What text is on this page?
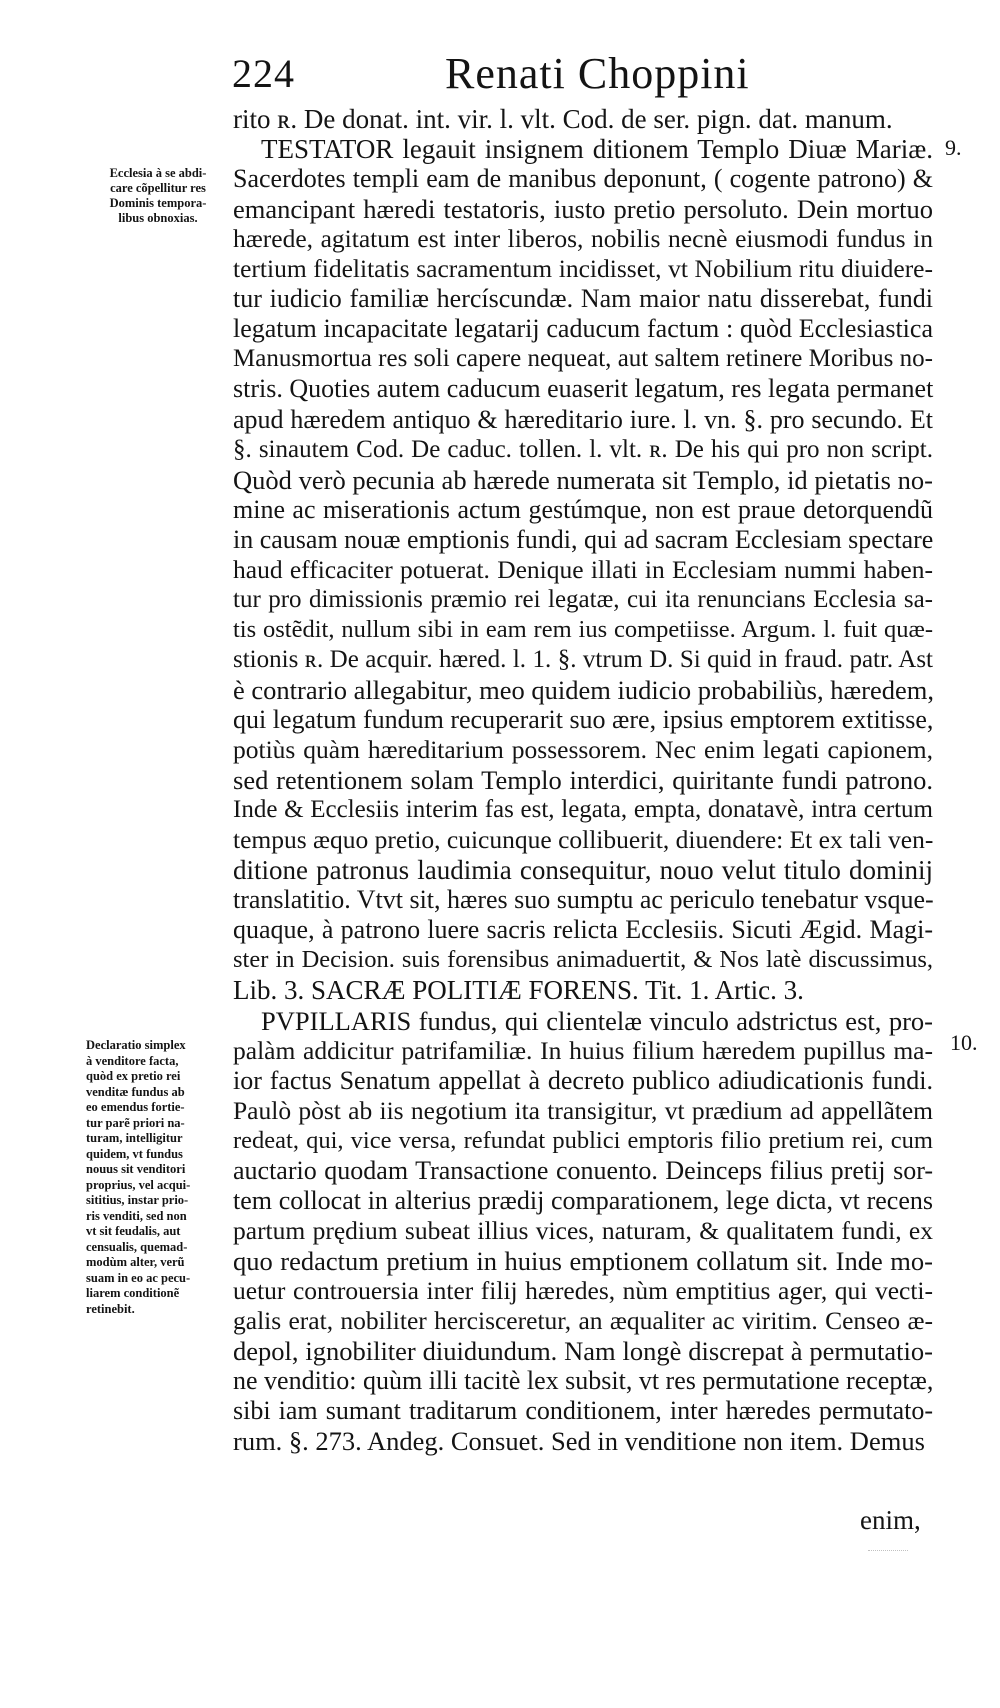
224	Renati Choppini
rito ʀ. De donat. int. vir. l. vlt. Cod. de ser. pign. dat. manum.
TESTATOR legauit insignem ditionem Templo Diuæ Mariæ.
Sacerdotes templi eam de manibus deponunt, ( cogente patrono) &
emancipant hæredi testatoris, iusto pretio persoluto. Dein mortuo
hærede, agitatum est inter liberos, nobilis necnè eiusmodi fundus in
tertium fidelitatis sacramentum incidisset, vt Nobilium ritu diuidere-
tur iudicio familiæ hercíscundæ. Nam maior natu disserebat, fundi
legatum incapacitate legatarij caducum factum : quòd Ecclesiastica
Manusmortua res soli capere nequeat, aut saltem retinere Moribus no-
stris. Quoties autem caducum euaserit legatum, res legata permanet
apud hæredem antiquo & hæreditario iure. l. vn. §. pro secundo. Et
§. sinautem Cod. De caduc. tollen. l. vlt. ʀ. De his qui pro non script.
Quòd verò pecunia ab hærede numerata sit Templo, id pietatis no-
mine ac miserationis actum gestúmque, non est praue detorquendũ
in causam nouæ emptionis fundi, qui ad sacram Ecclesiam spectare
haud efficaciter potuerat. Denique illati in Ecclesiam nummi haben-
tur pro dimissionis præmio rei legatæ, cui ita renuncians Ecclesia sa-
tis ostẽdit, nullum sibi in eam rem ius competiisse. Argum. l. fuit quæ-
stionis ʀ. De acquir. hæred. l. 1. §. vtrum D. Si quid in fraud. patr. Ast
è contrario allegabitur, meo quidem iudicio probabiliùs, hæredem,
qui legatum fundum recuperarit suo ære, ipsius emptorem extitisse,
potiùs quàm hæreditarium possessorem. Nec enim legati capionem,
sed retentionem solam Templo interdici, quiritante fundi patrono.
Inde & Ecclesiis interim fas est, legata, empta, donatavè, intra certum
tempus æquo pretio, cuicunque collibuerit, diuendere: Et ex tali ven-
ditione patronus laudimia consequitur, nouo velut titulo dominij
translatitio. Vtvt sit, hæres suo sumptu ac periculo tenebatur vsque-
quaque, à patrono luere sacris relicta Ecclesiis. Sicuti Ægid. Magi-
ster in Decision. suis forensibus animaduertit, & Nos latè discussimus,
Lib. 3. SACRÆ POLITIÆ FORENS. Tit. 1. Artic. 3.
PVPILLARIS fundus, qui clientelæ vinculo adstrictus est, pro-
palàm addicitur patrifamiliæ. In huius filium hæredem pupillus ma-
ior factus Senatum appellat à decreto publico adiudicationis fundi.
Paulò pòst ab iis negotium ita transigitur, vt prædium ad appellãtem
redeat, qui, vice versa, refundat publici emptoris filio pretium rei, cum
auctario quodam Transactione conuento. Deinceps filius pretij sor-
tem collocat in alterius prædij comparationem, lege dicta, vt recens
partum prędium subeat illius vices, naturam, & qualitatem fundi, ex
quo redactum pretium in huius emptionem collatum sit. Inde mo-
uetur controuersia inter filij hæredes, nùm emptitius ager, qui vecti-
galis erat, nobiliter hercisceretur, an æqualiter ac viritim. Censeo æ-
depol, ignobiliter diuidundum. Nam longè discrepat à permutatio-
ne venditio: quùm illi tacitè lex subsit, vt res permutatione receptæ,
sibi iam sumant traditarum conditionem, inter hæredes permutato-
rum. §. 273. Andeg. Consuet. Sed in venditione non item. Demus
9.
10.
Ecclesia à se abdi-
care cõpellitur res
Dominis tempora-
libus obnoxias.
Declaratio simplex
à venditore facta,
quòd ex pretio rei
venditæ fundus ab
eo emendus fortie-
tur parẽ priori na-
turam, intelligitur
quidem, vt fundus
nouus sit venditori
proprius, vel acqui-
sititius, instar prio-
ris venditi, sed non
vt sit feudalis, aut
censualis, quemad-
modùm alter, verũ
suam in eo ac pecu-
liarem conditionẽ
retinebit.
enim,
